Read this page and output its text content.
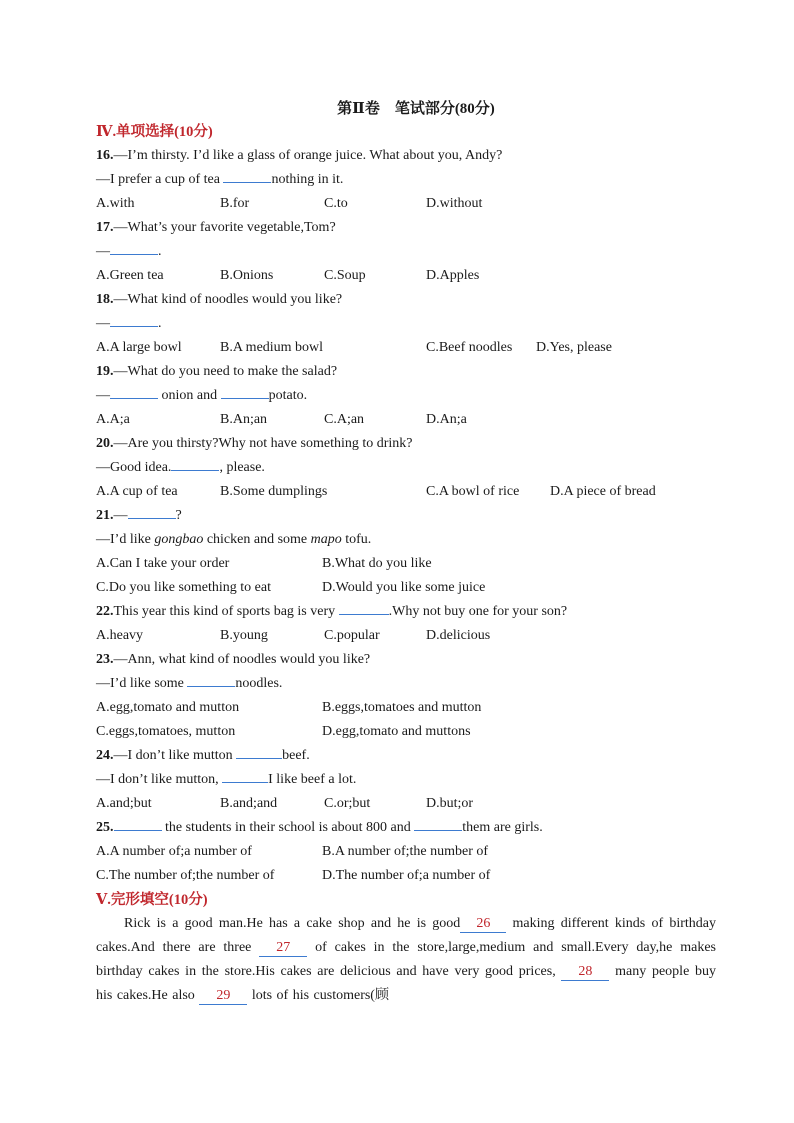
第Ⅱ卷　笔试部分(80分)
Ⅳ.单项选择(10分)
16.—I’m thirsty. I’d like a glass of orange juice. What about you, Andy?
—I prefer a cup of tea	nothing in it.
A.with	B.for	C.to	D.without
17.—What’s your favorite vegetable,Tom?
—	.
A.Green tea	B.Onions	C.Soup	D.Apples
18.—What kind of noodles would you like?
—	.
A.A large bowl	B.A medium bowl	C.Beef noodles D.Yes, please
19.—What do you need to make the salad?
—	onion and	potato.
A.A;a	B.An;an	C.A;an	D.An;a
20.—Are you thirsty?Why not have something to drink?
—Good idea.	, please.
A.A cup of tea	B.Some dumplings	C.A bowl of rice D.A piece of bread
21.—	?
—I’d like gongbao chicken and some mapo tofu.
A.Can I take your order	B.What do you like
C.Do you like something to eat	D.Would you like some juice
22.This year this kind of sports bag is very	.Why not buy one for your son?
A.heavy	B.young	C.popular	D.delicious
23.—Ann, what kind of noodles would you like?
—I’d like some	noodles.
A.egg,tomato and mutton	B.eggs,tomatoes and mutton
C.eggs,tomatoes, mutton	D.egg,tomato and muttons
24.—I don’t like mutton	beef.
—I don’t like mutton,	I like beef a lot.
A.and;but	B.and;and	C.or;but	D.but;or
25.	the students in their school is about 800 and	them are girls.
A.A number of;a number of	B.A number of;the number of
C.The number of;the number of	D.The number of;a number of
Ⅴ.完形填空(10分)
Rick is a good man.He has a cake shop and he is good 26 making different kinds of birthday cakes.And there are three 27 of cakes in the store,large,medium and small.Every day,he makes birthday cakes in the store.His cakes are delicious and have very good prices, 28 many people buy his cakes.He also 29 lots of his customers(顾
